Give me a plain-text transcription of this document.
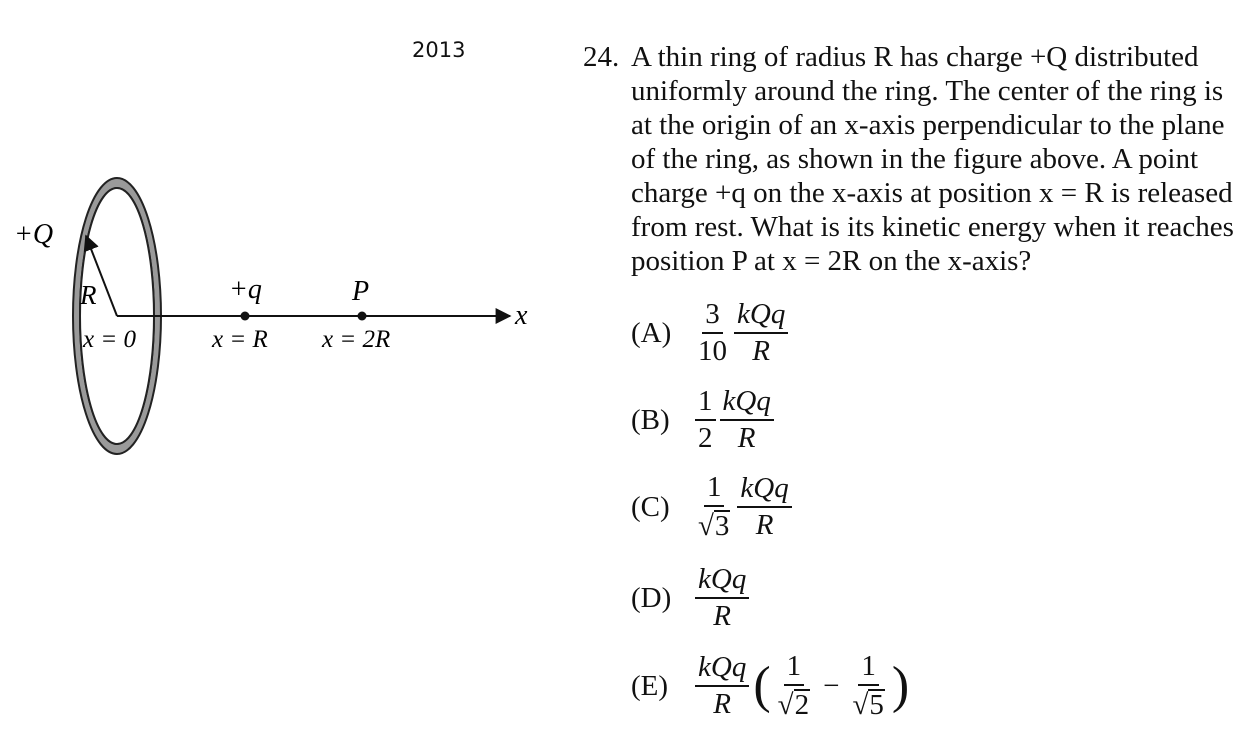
2013
+Q
R
x = 0
+q
x = R
P
x = 2R
x
24. A thin ring of radius R has charge +Q distributed uniformly around the ring. The center of the ring is at the origin of an x-axis perpendicular to the plane of the ring, as shown in the figure above. A point charge +q on the x-axis at position x = R is released from rest. What is its kinetic energy when it reaches position P at x = 2R on the x-axis?
$(A) \frac{3}{10} \frac{\text{kQq}}{R}$
$(B) \frac{1}{2} \frac{\text{kQq}}{R}$
$(C) \frac{1}{√ 3} \frac{\text{kQq}}{R}$
$(D) \frac{\text{kQq}}{R}$
$(E) \frac{\text{kQq}}{R}$ ( $\frac{1}{√ 2} - \frac{1}{√ 5}$ )
